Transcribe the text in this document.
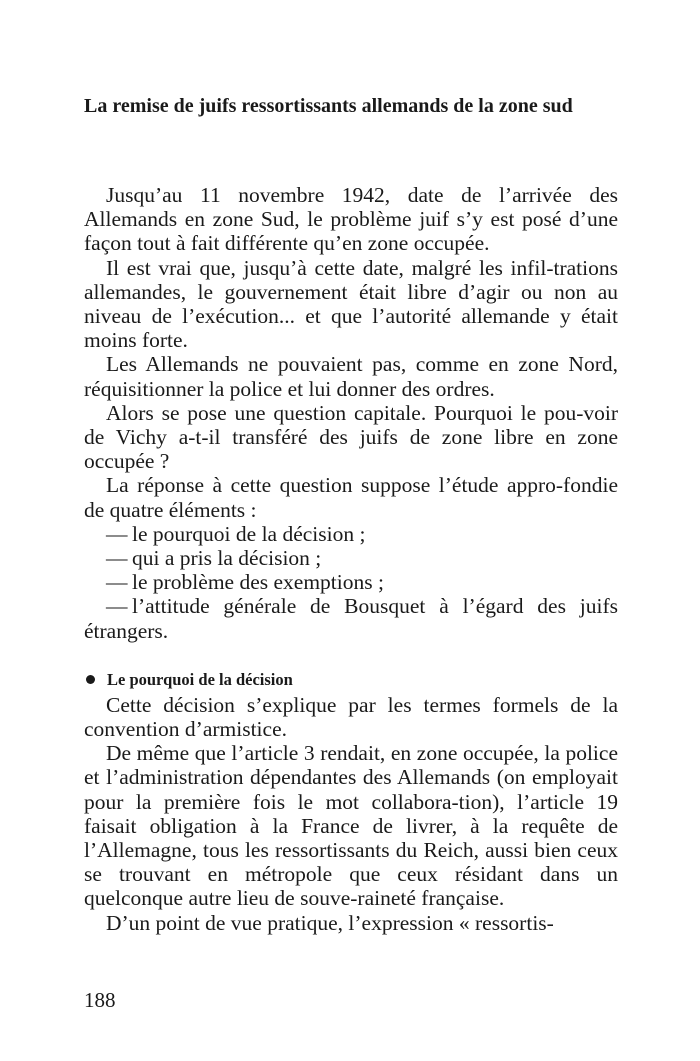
La remise de juifs ressortissants allemands de la zone sud

Jusqu’au 11 novembre 1942, date de l’arrivée des Allemands en zone Sud, le problème juif s’y est posé d’une façon tout à fait différente qu’en zone occupée.

Il est vrai que, jusqu’à cette date, malgré les infil-trations allemandes, le gouvernement était libre d’agir ou non au niveau de l’exécution... et que l’autorité allemande y était moins forte.

Les Allemands ne pouvaient pas, comme en zone Nord, réquisitionner la police et lui donner des ordres.

Alors se pose une question capitale. Pourquoi le pou-voir de Vichy a-t-il transféré des juifs de zone libre en zone occupée ?

La réponse à cette question suppose l’étude appro-fondie de quatre éléments :

— le pourquoi de la décision ;
— qui a pris la décision ;
— le problème des exemptions ;
— l’attitude générale de Bousquet à l’égard des juifs étrangers.
Le pourquoi de la décision

Cette décision s’explique par les termes formels de la convention d’armistice.

De même que l’article 3 rendait, en zone occupée, la police et l’administration dépendantes des Allemands (on employait pour la première fois le mot collabora-tion), l’article 19 faisait obligation à la France de livrer, à la requête de l’Allemagne, tous les ressortissants du Reich, aussi bien ceux se trouvant en métropole que ceux résidant dans un quelconque autre lieu de souve-raineté française.

D’un point de vue pratique, l’expression « ressortis-

188
